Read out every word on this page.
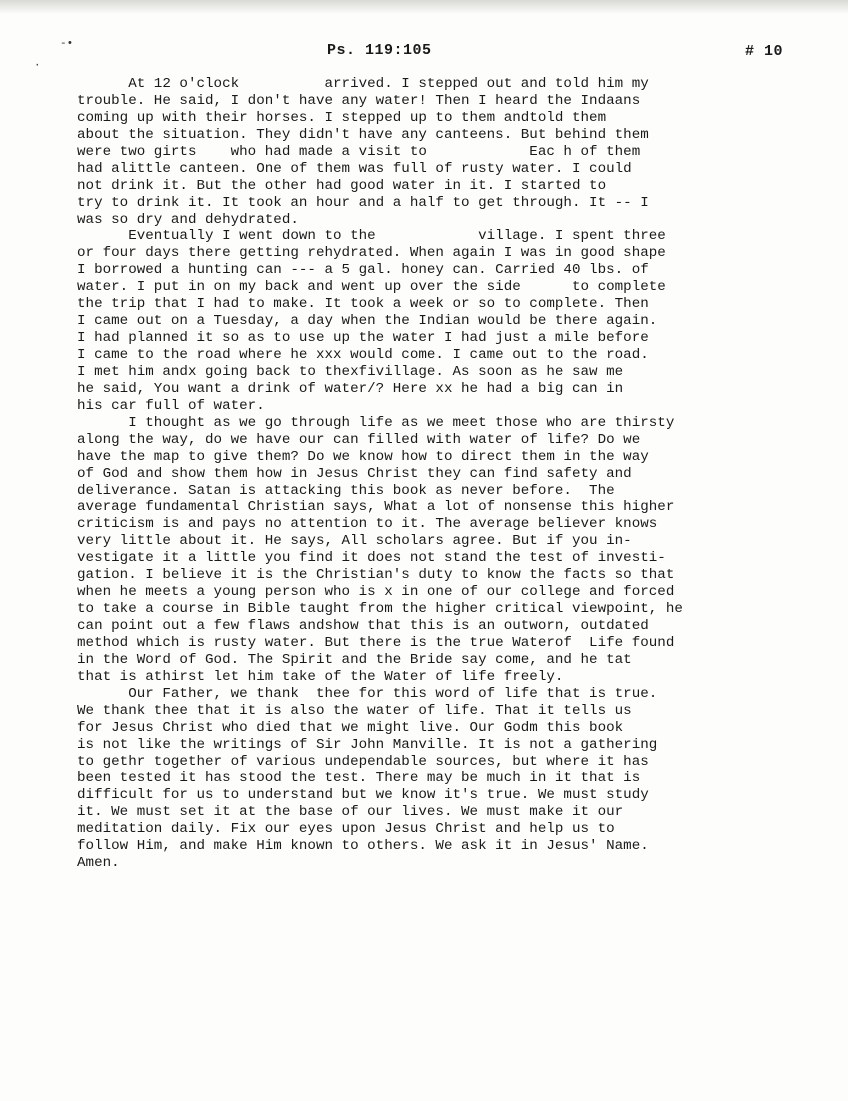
-•
·
Ps. 119:105	# 10
At 12 o'clock          arrived. I stepped out and told him my
trouble. He said, I don't have any water! Then I heard the Indaans
coming up with their horses. I stepped up to them andtold them
about the situation. They didn't have any canteens. But behind them
were two girts    who had made a visit to            Eac h of them
had alittle canteen. One of them was full of rusty water. I could
not drink it. But the other had good water in it. I started to
try to drink it. It took an hour and a half to get through. It -- I
was so dry and dehydrated.
Eventually I went down to the            village. I spent three
or four days there getting rehydrated. When again I was in good shape
I borrowed a hunting can --- a 5 gal. honey can. Carried 40 lbs. of
water. I put in on my back and went up over the side      to complete
the trip that I had to make. It took a week or so to complete. Then
I came out on a Tuesday, a day when the Indian would be there again.
I had planned it so as to use up the water I had just a mile before
I came to the road where he xxx would come. I came out to the road.
I met him andx going back to thexfivillage. As soon as he saw me
he said, You want a drink of water/? Here xx he had a big can in
his car full of water.
I thought as we go through life as we meet those who are thirsty
along the way, do we have our can filled with water of life? Do we
have the map to give them? Do we know how to direct them in the way
of God and show them how in Jesus Christ they can find safety and
deliverance. Satan is attacking this book as never before.  The
average fundamental Christian says, What a lot of nonsense this higher
criticism is and pays no attention to it. The average believer knows
very little about it. He says, All scholars agree. But if you in-
vestigate it a little you find it does not stand the test of investi-
gation. I believe it is the Christian's duty to know the facts so that
when he meets a young person who is x in one of our college and forced
to take a course in Bible taught from the higher critical viewpoint, he
can point out a few flaws andshow that this is an outworn, outdated
method which is rusty water. But there is the true Waterof  Life found
in the Word of God. The Spirit and the Bride say come, and he tat
that is athirst let him take of the Water of life freely.
Our Father, we thank  thee for this word of life that is true.
We thank thee that it is also the water of life. That it tells us
for Jesus Christ who died that we might live. Our Godm this book
is not like the writings of Sir John Manville. It is not a gathering
to gethr together of various undependable sources, but where it has
been tested it has stood the test. There may be much in it that is
difficult for us to understand but we know it's true. We must study
it. We must set it at the base of our lives. We must make it our
meditation daily. Fix our eyes upon Jesus Christ and help us to
follow Him, and make Him known to others. We ask it in Jesus' Name.
Amen.
